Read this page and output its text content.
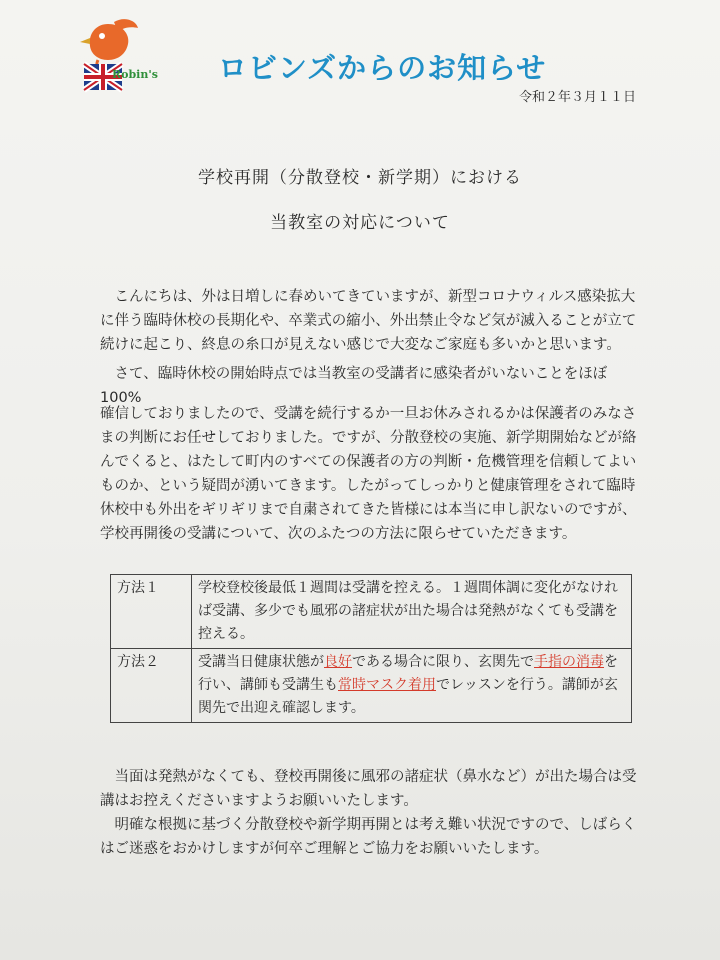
Robin's ロビンズからのお知らせ
令和２年３月１１日
学校再開（分散登校・新学期）における
当教室の対応について

こんにちは、外は日増しに春めいてきていますが、新型コロナウィルス感染拡大に伴う臨時休校の長期化や、卒業式の縮小、外出禁止令など気が滅入ることが立て続けに起こり、終息の糸口が見えない感じで大変なご家庭も多いかと思います。

さて、臨時休校の開始時点では当教室の受講者に感染者がいないことをほぼ 100%

確信しておりましたので、受講を続行するか一旦お休みされるかは保護者のみなさまの判断にお任せしておりました。ですが、分散登校の実施、新学期開始などが絡んでくると、はたして町内のすべての保護者の方の判断・危機管理を信頼してよいものか、という疑問が湧いてきます。したがってしっかりと健康管理をされて臨時休校中も外出をギリギリまで自粛されてきた皆様には本当に申し訳ないのですが、学校再開後の受講について、次のふたつの方法に限らせていただきます。

方法１	学校登校後最低１週間は受講を控える。１週間体調に変化がなければ受講、多少でも風邪の諸症状が出た場合は発熱がなくても受講を控える。
方法２	受講当日健康状態が良好である場合に限り、玄関先で手指の消毒を行い、講師も受講生も常時マスク着用でレッスンを行う。講師が玄関先で出迎え確認します。

当面は発熱がなくても、登校再開後に風邪の諸症状（鼻水など）が出た場合は受講はお控えくださいますようお願いいたします。

明確な根拠に基づく分散登校や新学期再開とは考え難い状況ですので、しばらくはご迷惑をおかけしますが何卒ご理解とご協力をお願いいたします。
